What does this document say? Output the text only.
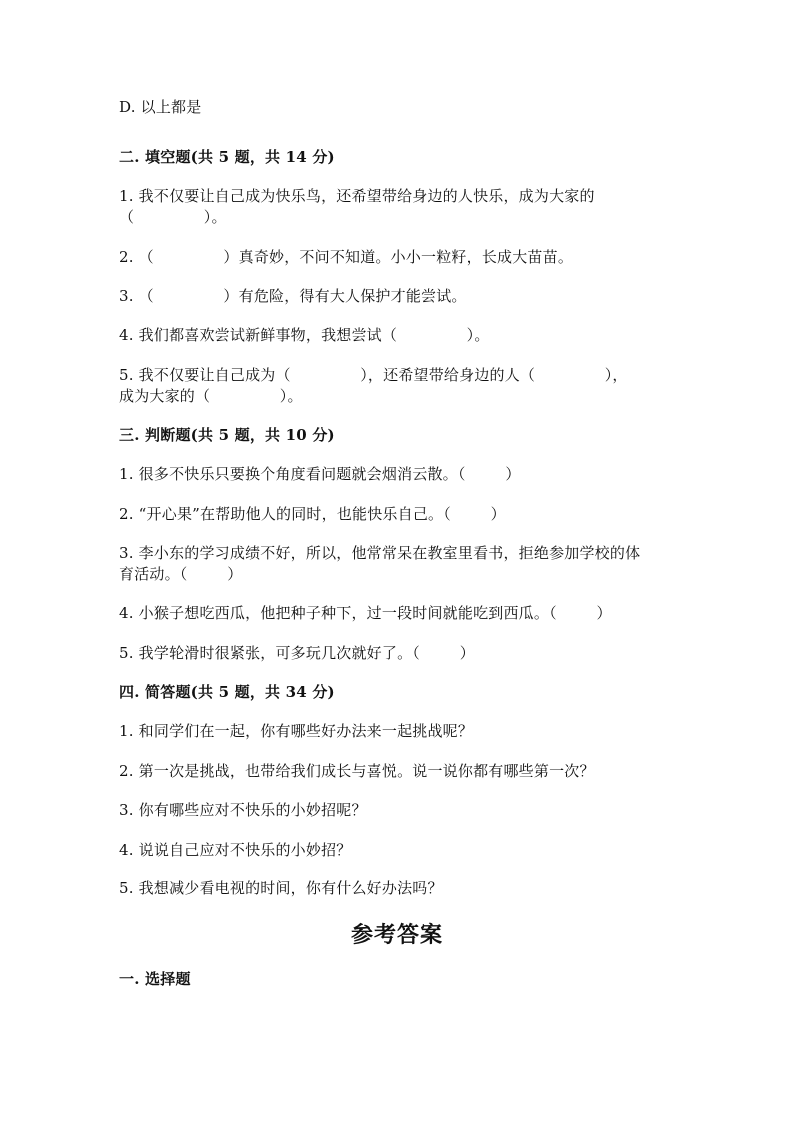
D. 以上都是

二. 填空题(共 5 题，共 14 分)

1. 我不仅要让自己成为快乐鸟，还希望带给身边的人快乐，成为大家的

（              ）。

2. （              ）真奇妙，不问不知道。小小一粒籽，长成大苗苗。

3. （              ）有危险，得有大人保护才能尝试。

4. 我们都喜欢尝试新鲜事物，我想尝试（              ）。

5. 我不仅要让自己成为（              ），还希望带给身边的人（              ），

成为大家的（              ）。

三. 判断题(共 5 题，共 10 分)

1. 很多不快乐只要换个角度看问题就会烟消云散。（        ）

2. “开心果”在帮助他人的同时，也能快乐自己。（        ）

3. 李小东的学习成绩不好，所以，他常常呆在教室里看书，拒绝参加学校的体

育活动。（        ）

4. 小猴子想吃西瓜，他把种子种下，过一段时间就能吃到西瓜。（        ）

5. 我学轮滑时很紧张，可多玩几次就好了。（        ）

四. 简答题(共 5 题，共 34 分)

1. 和同学们在一起，你有哪些好办法来一起挑战呢？

2. 第一次是挑战，也带给我们成长与喜悦。说一说你都有哪些第一次？

3. 你有哪些应对不快乐的小妙招呢？

4. 说说自己应对不快乐的小妙招？

5. 我想减少看电视的时间，你有什么好办法吗？

参考答案

一. 选择题
